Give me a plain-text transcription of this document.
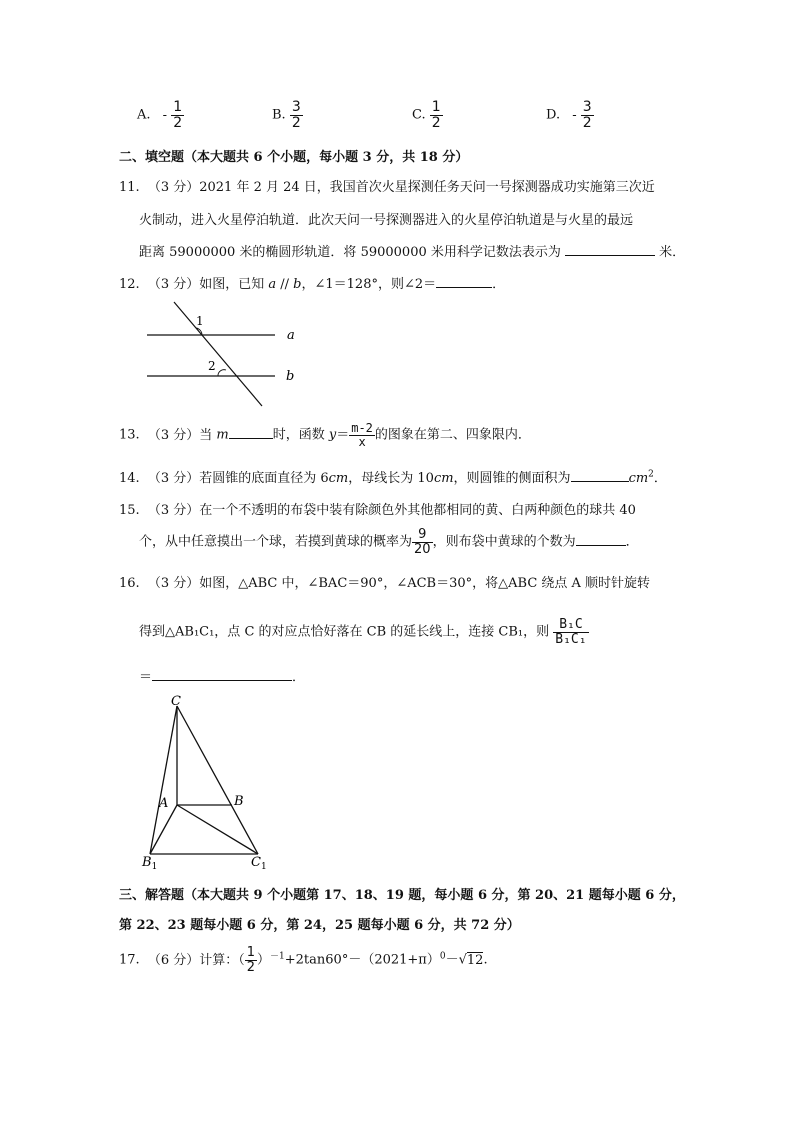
A. - $\frac{1}{2}$	B. $\frac{3}{2}$	C. $\frac{1}{2}$	D. - $\frac{3}{2}$
二、填空题（本大题共 6 个小题，每小题 3 分，共 18 分）
11. （3 分）2021 年 2 月 24 日，我国首次火星探测任务天问一号探测器成功实施第三次近
火制动，进入火星停泊轨道．此次天问一号探测器进入的火星停泊轨道是与火星的最远
距离 59000000 米的椭圆形轨道．将 59000000 米用科学记数法表示为	米．
12. （3 分）如图，已知 a // b，∠1＝128°，则∠2＝	．
1
2
a
b
13. （3 分）当 m	时，函数 $y= \frac{m-2}{x}$ 的图象在第二、四象限内．
14. （3 分）若圆锥的底面直径为 6cm，母线长为 10cm，则圆锥的侧面积为	$cm^2$．
15. （3 分）在一个不透明的布袋中装有除颜色外其他都相同的黄、白两种颜色的球共 40
个，从中任意摸出一个球，若摸到黄球的概率为 $\frac{9}{20}$ ，则布袋中黄球的个数为	．
16. （3 分）如图，△ABC 中，∠BAC＝90°，∠ACB＝30°，将△ABC 绕点 A 顺时针旋转
得到△AB₁C₁，点 C 的对应点恰好落在 CB 的延长线上，连接 CB₁，则 $\frac{\text{B₁C}}{\text{B₁C₁}}$
＝	．
C
A	B
$B_1$	$C_1$
三、解答题（本大题共 9 个小题第 17、18、19 题，每小题 6 分，第 20、21 题每小题 6 分，
第 22、23 题每小题 6 分，第 24，25 题每小题 6 分，共 72 分）
17. （6 分）计算：（ $\frac{1}{2} )^{-1}+2\tan 60^\circ-(2021+\pi)^0-√12$.
